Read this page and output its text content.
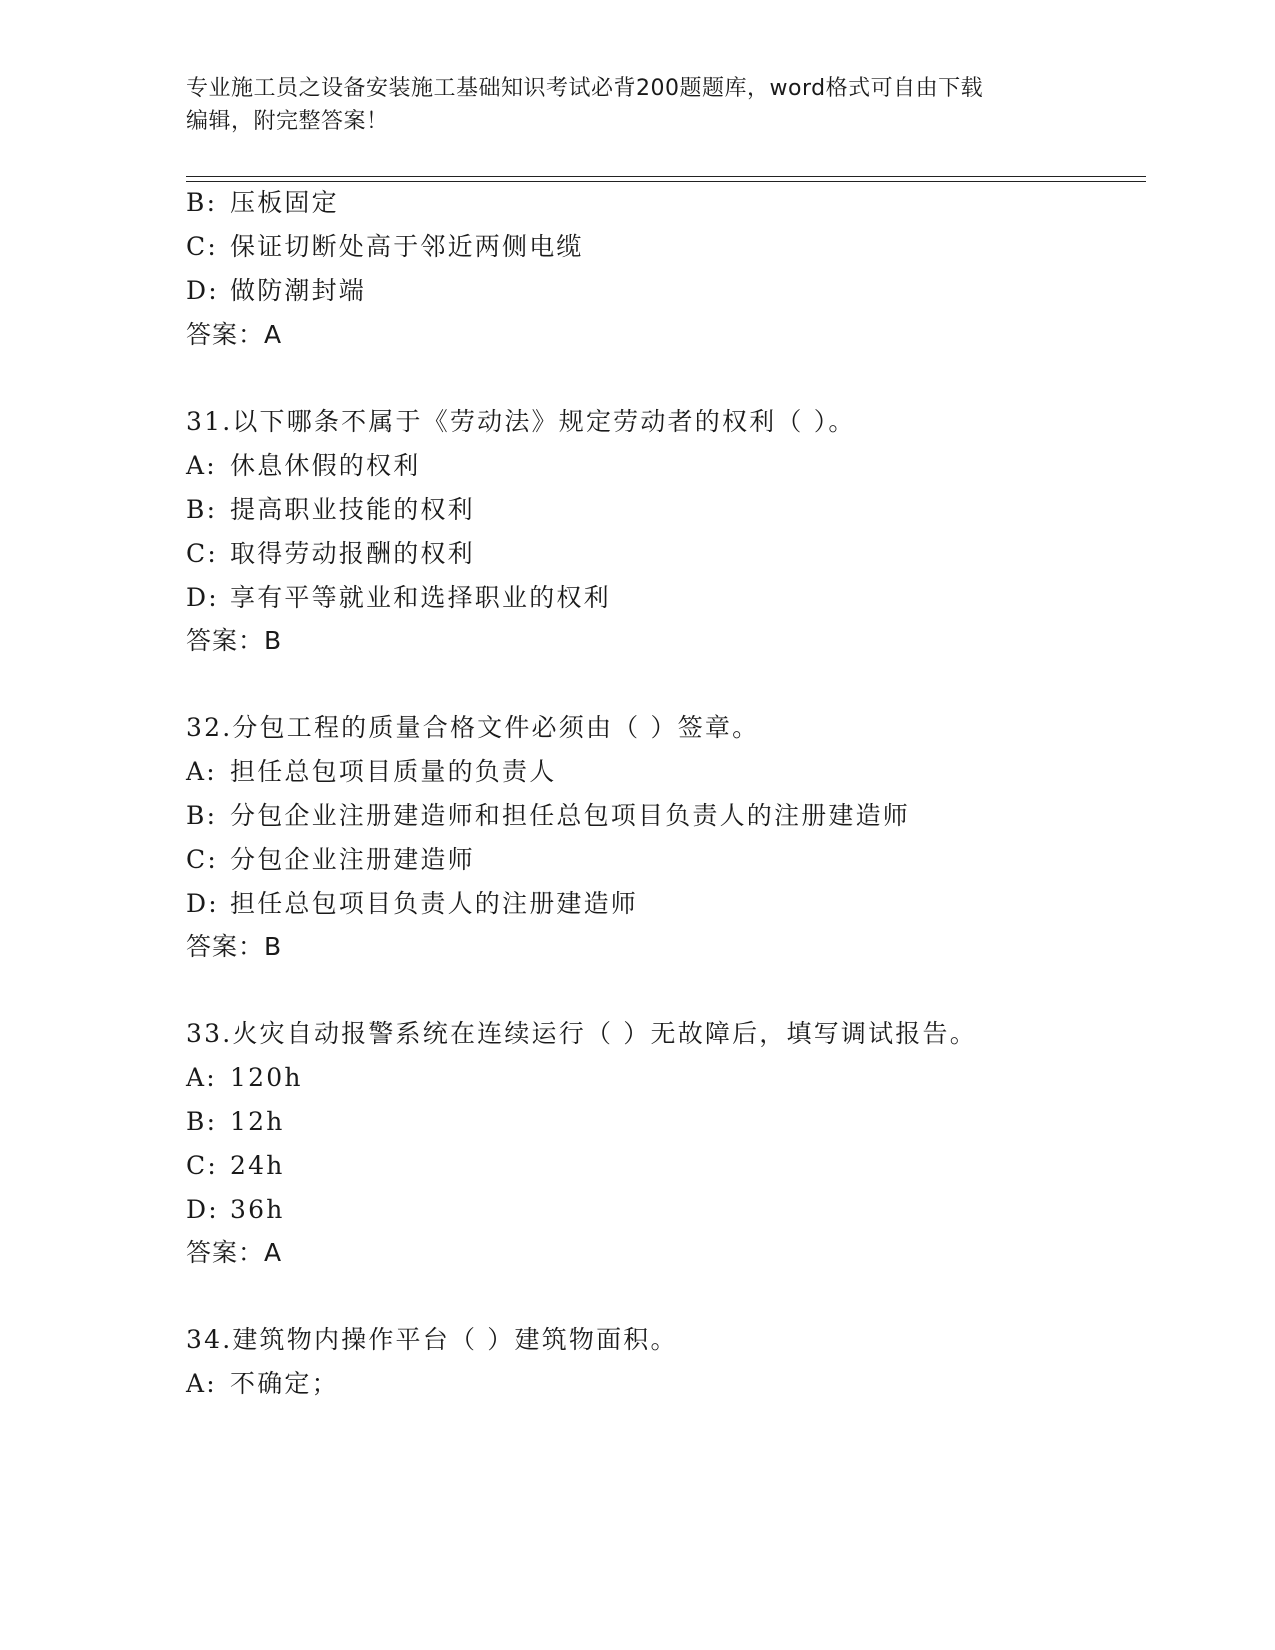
专业施工员之设备安装施工基础知识考试必背200题题库，word格式可自由下载
编辑，附完整答案！
B: 压板固定
C: 保证切断处高于邻近两侧电缆
D: 做防潮封端
答案：A
31.以下哪条不属于《劳动法》规定劳动者的权利（ ）。
A: 休息休假的权利
B: 提高职业技能的权利
C: 取得劳动报酬的权利
D: 享有平等就业和选择职业的权利
答案：B
32.分包工程的质量合格文件必须由（ ）签章。
A: 担任总包项目质量的负责人
B: 分包企业注册建造师和担任总包项目负责人的注册建造师
C: 分包企业注册建造师
D: 担任总包项目负责人的注册建造师
答案：B
33.火灾自动报警系统在连续运行（ ）无故障后，填写调试报告。
A: 120h
B: 12h
C: 24h
D: 36h
答案：A
34.建筑物内操作平台（ ）建筑物面积。
A: 不确定；
